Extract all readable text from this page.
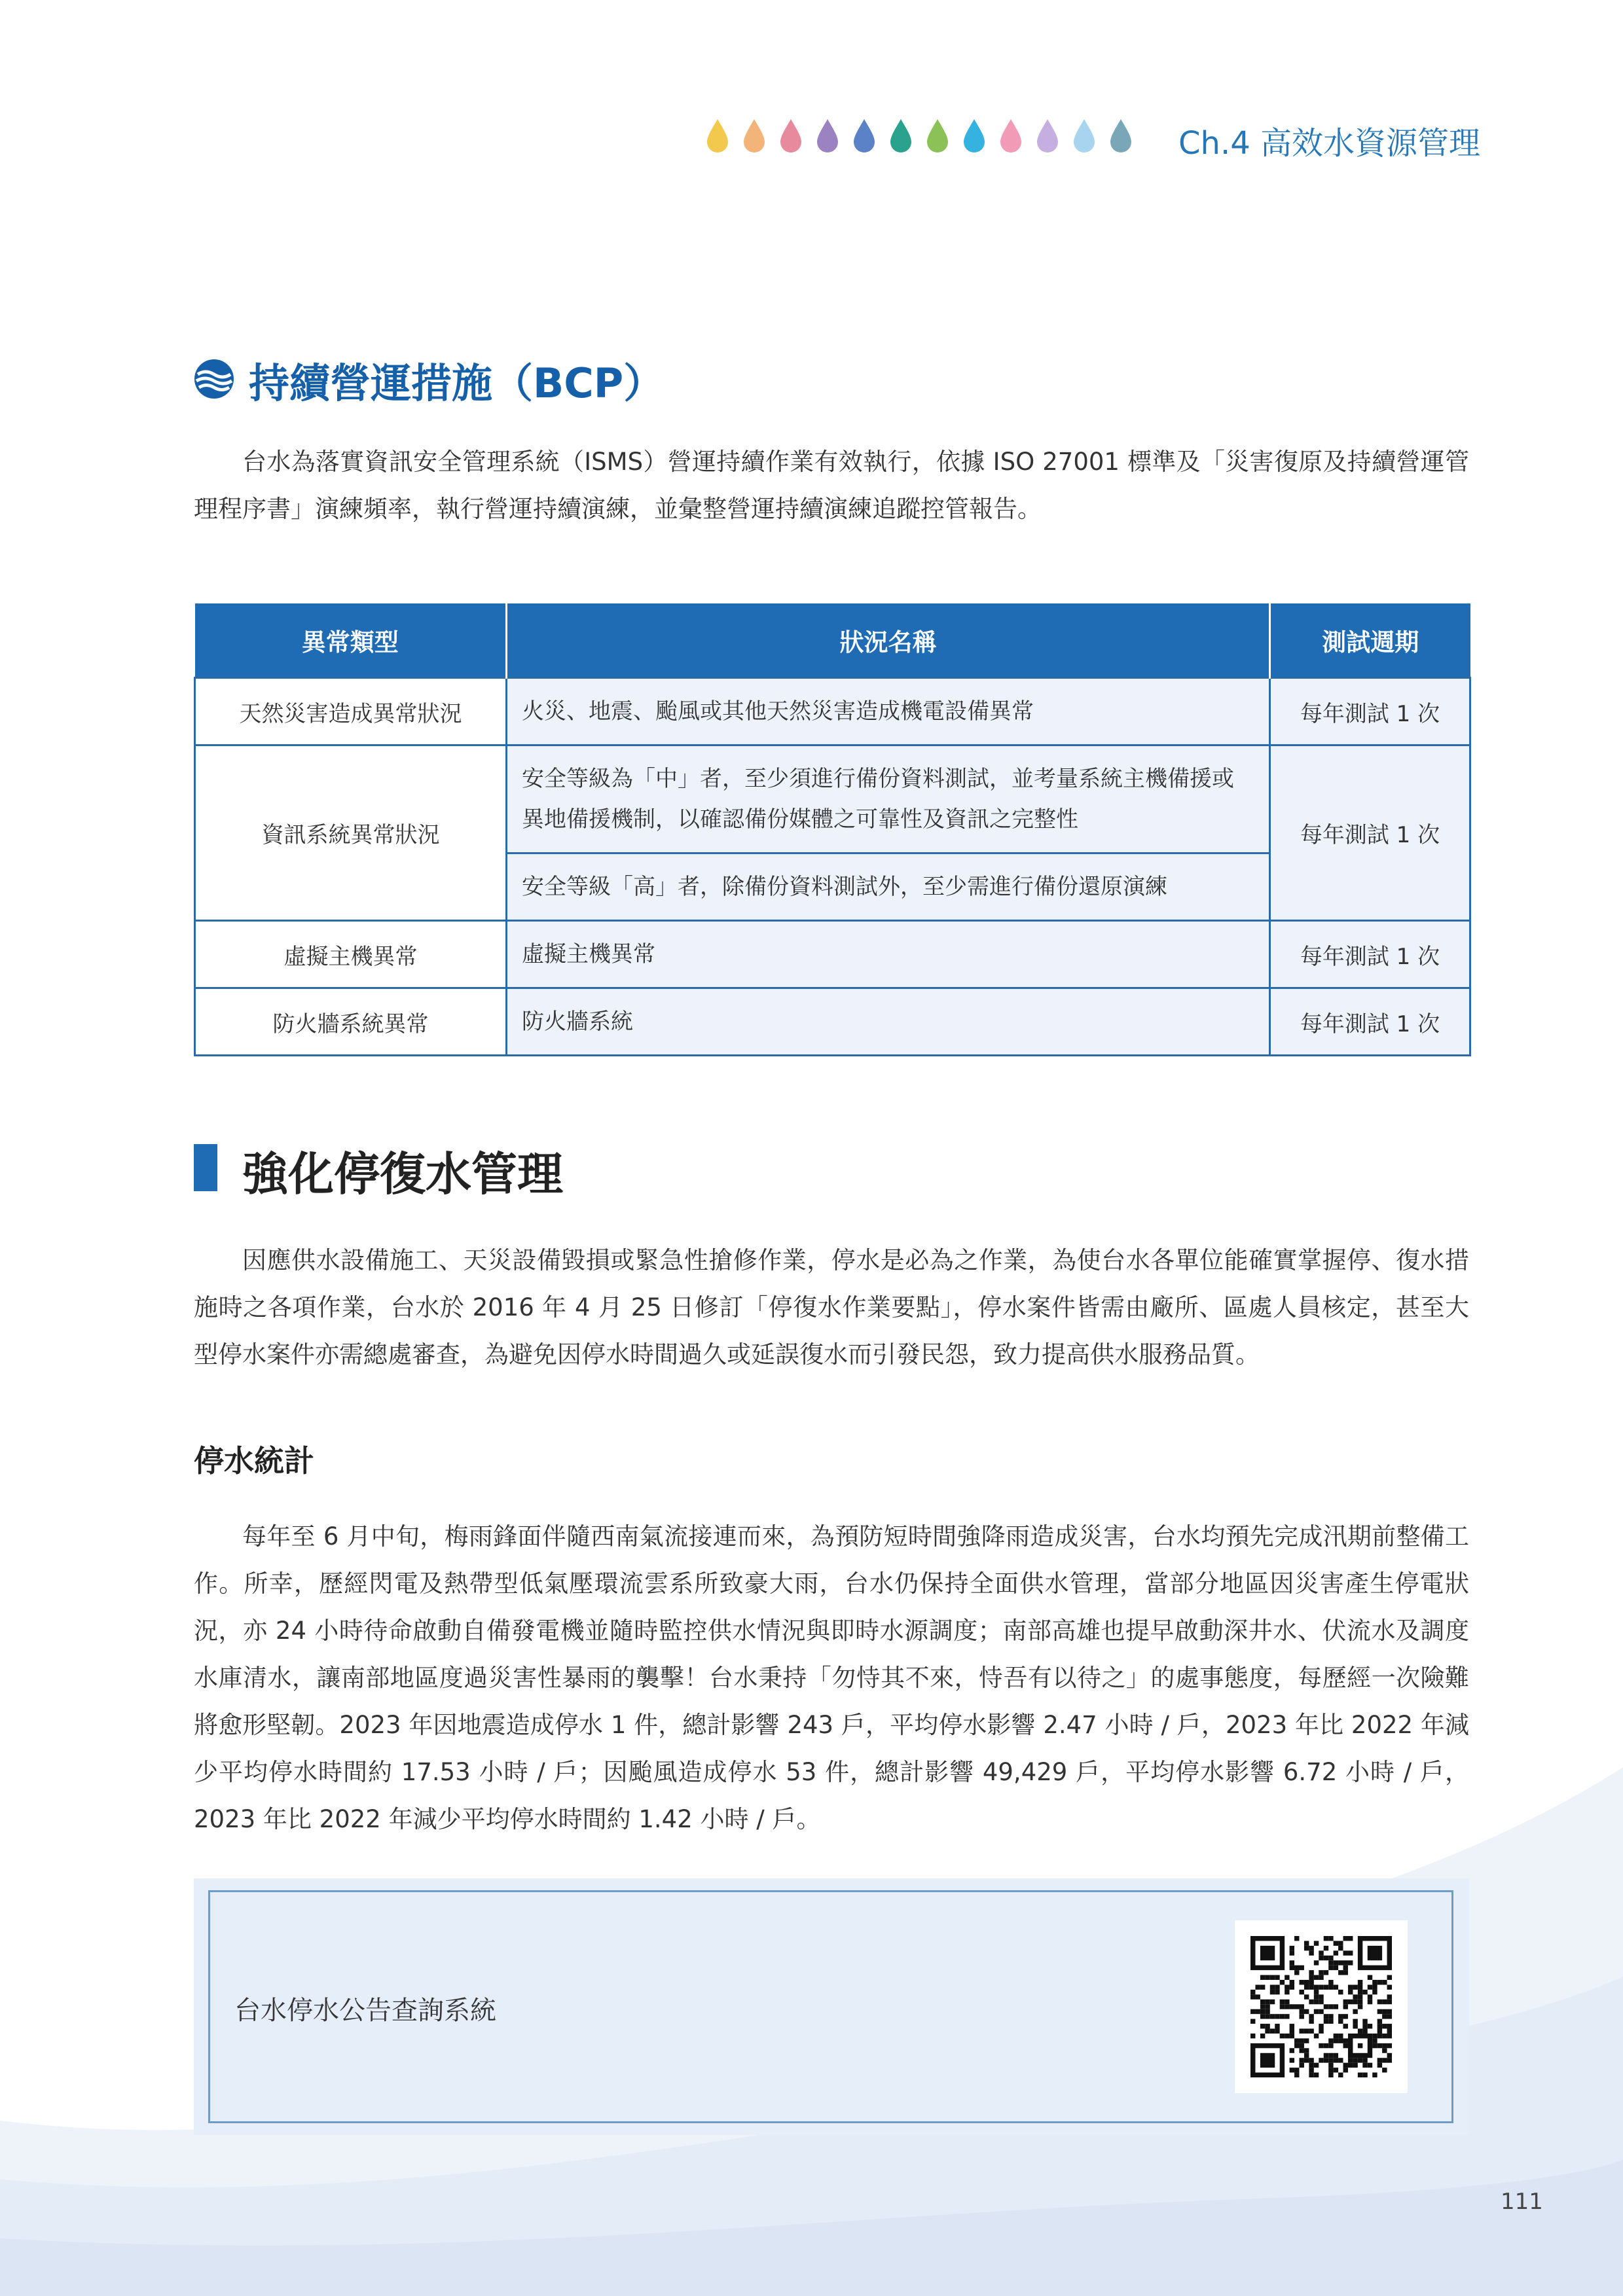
Ch.4 高效水資源管理
持續營運措施（BCP）
台水為落實資訊安全管理系統（ISMS）營運持續作業有效執行，依據 ISO 27001 標準及「災害復原及持續營運管理程序書」演練頻率，執行營運持續演練，並彙整營運持續演練追蹤控管報告。
異常類型	狀況名稱	測試週期
天然災害造成異常狀況	火災、地震、颱風或其他天然災害造成機電設備異常	每年測試 1 次
資訊系統異常狀況	安全等級為「中」者，至少須進行備份資料測試，並考量系統主機備援或異地備援機制，以確認備份媒體之可靠性及資訊之完整性	每年測試 1 次
	安全等級「高」者，除備份資料測試外，至少需進行備份還原演練	
虛擬主機異常	虛擬主機異常	每年測試 1 次
防火牆系統異常	防火牆系統	每年測試 1 次
強化停復水管理
因應供水設備施工、天災設備毀損或緊急性搶修作業，停水是必為之作業，為使台水各單位能確實掌握停、復水措施時之各項作業，台水於 2016 年 4 月 25 日修訂「停復水作業要點」，停水案件皆需由廠所、區處人員核定，甚至大型停水案件亦需總處審查，為避免因停水時間過久或延誤復水而引發民怨，致力提高供水服務品質。
停水統計
每年至 6 月中旬，梅雨鋒面伴隨西南氣流接連而來，為預防短時間強降雨造成災害，台水均預先完成汛期前整備工作。所幸，歷經閃電及熱帶型低氣壓環流雲系所致豪大雨，台水仍保持全面供水管理，當部分地區因災害產生停電狀況，亦 24 小時待命啟動自備發電機並隨時監控供水情況與即時水源調度；南部高雄也提早啟動深井水、伏流水及調度水庫清水，讓南部地區度過災害性暴雨的襲擊！台水秉持「勿恃其不來，恃吾有以待之」的處事態度，每歷經一次險難將愈形堅韌。2023 年因地震造成停水 1 件，總計影響 243 戶，平均停水影響 2.47 小時 / 戶，2023 年比 2022 年減少平均停水時間約 17.53 小時 / 戶；因颱風造成停水 53 件，總計影響 49,429 戶，平均停水影響 6.72 小時 / 戶，2023 年比 2022 年減少平均停水時間約 1.42 小時 / 戶。
台水停水公告查詢系統
111
